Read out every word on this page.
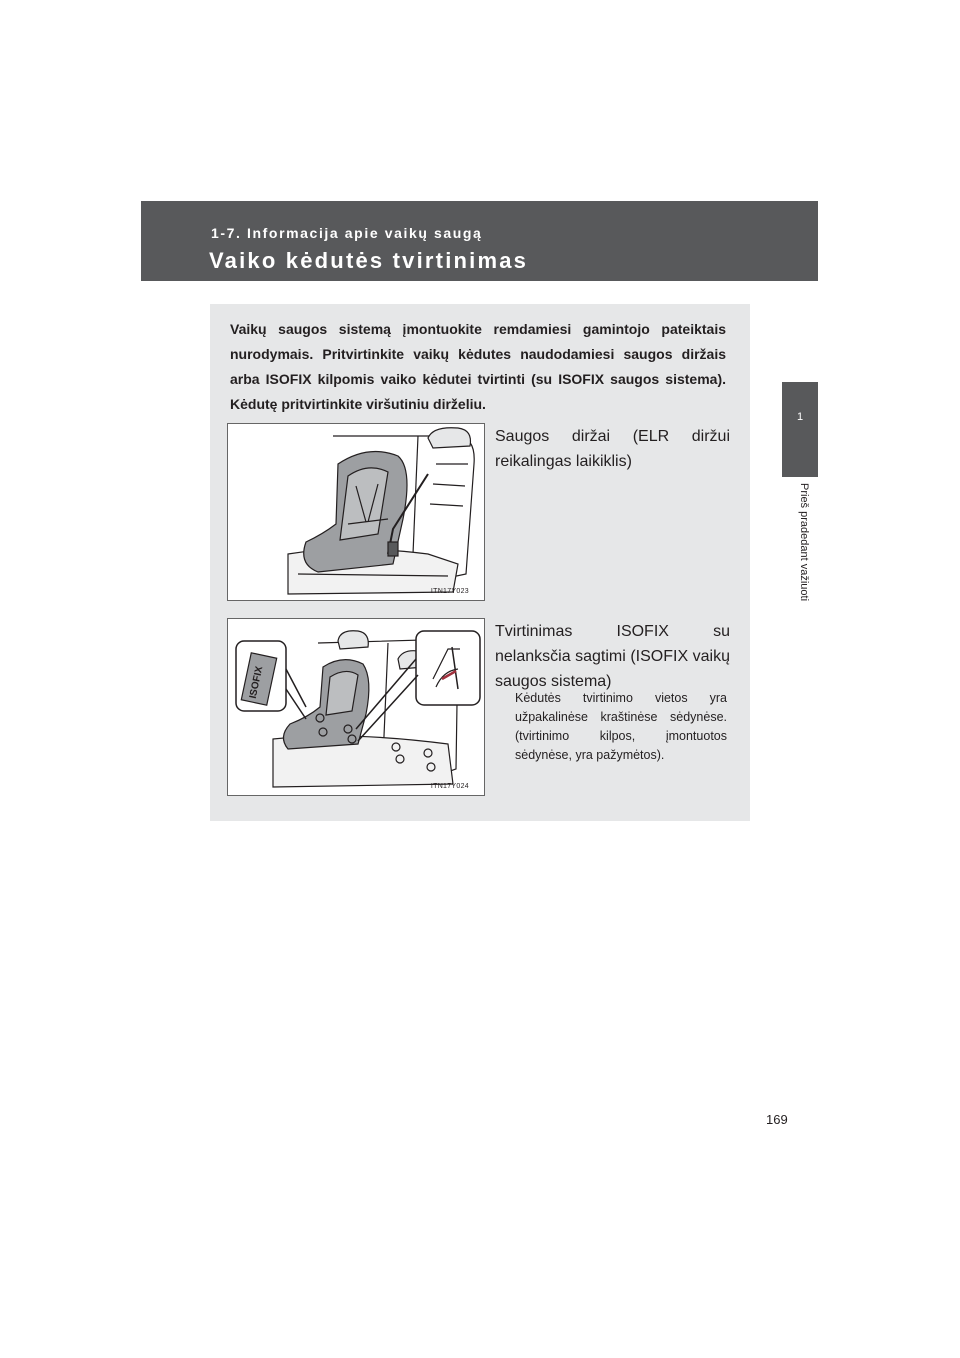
1-7. Informacija apie vaikų saugą
Vaiko kėdutės tvirtinimas
1
Prieš pradedant važiuoti
Vaikų saugos sistemą įmontuokite remdamiesi gamintojo pateiktais nurodymais. Pritvirtinkite vaikų kėdutes naudodamiesi saugos diržais arba ISOFIX kilpomis vaiko kėdutei tvirtinti (su ISOFIX saugos sistema). Kėdutę pritvirtinkite viršutiniu dirželiu.
ITN17Y023
Saugos diržai (ELR diržui reikalingas laikiklis)
ISOFIX
ITN17Y024
Tvirtinimas ISOFIX su nelanksčia sagtimi (ISOFIX vaikų saugos sistema)
Kėdutės tvirtinimo vietos yra užpakalinėse kraštinėse sėdynėse. (tvirtinimo kilpos, įmontuotos sėdynėse, yra pažymėtos).
169
